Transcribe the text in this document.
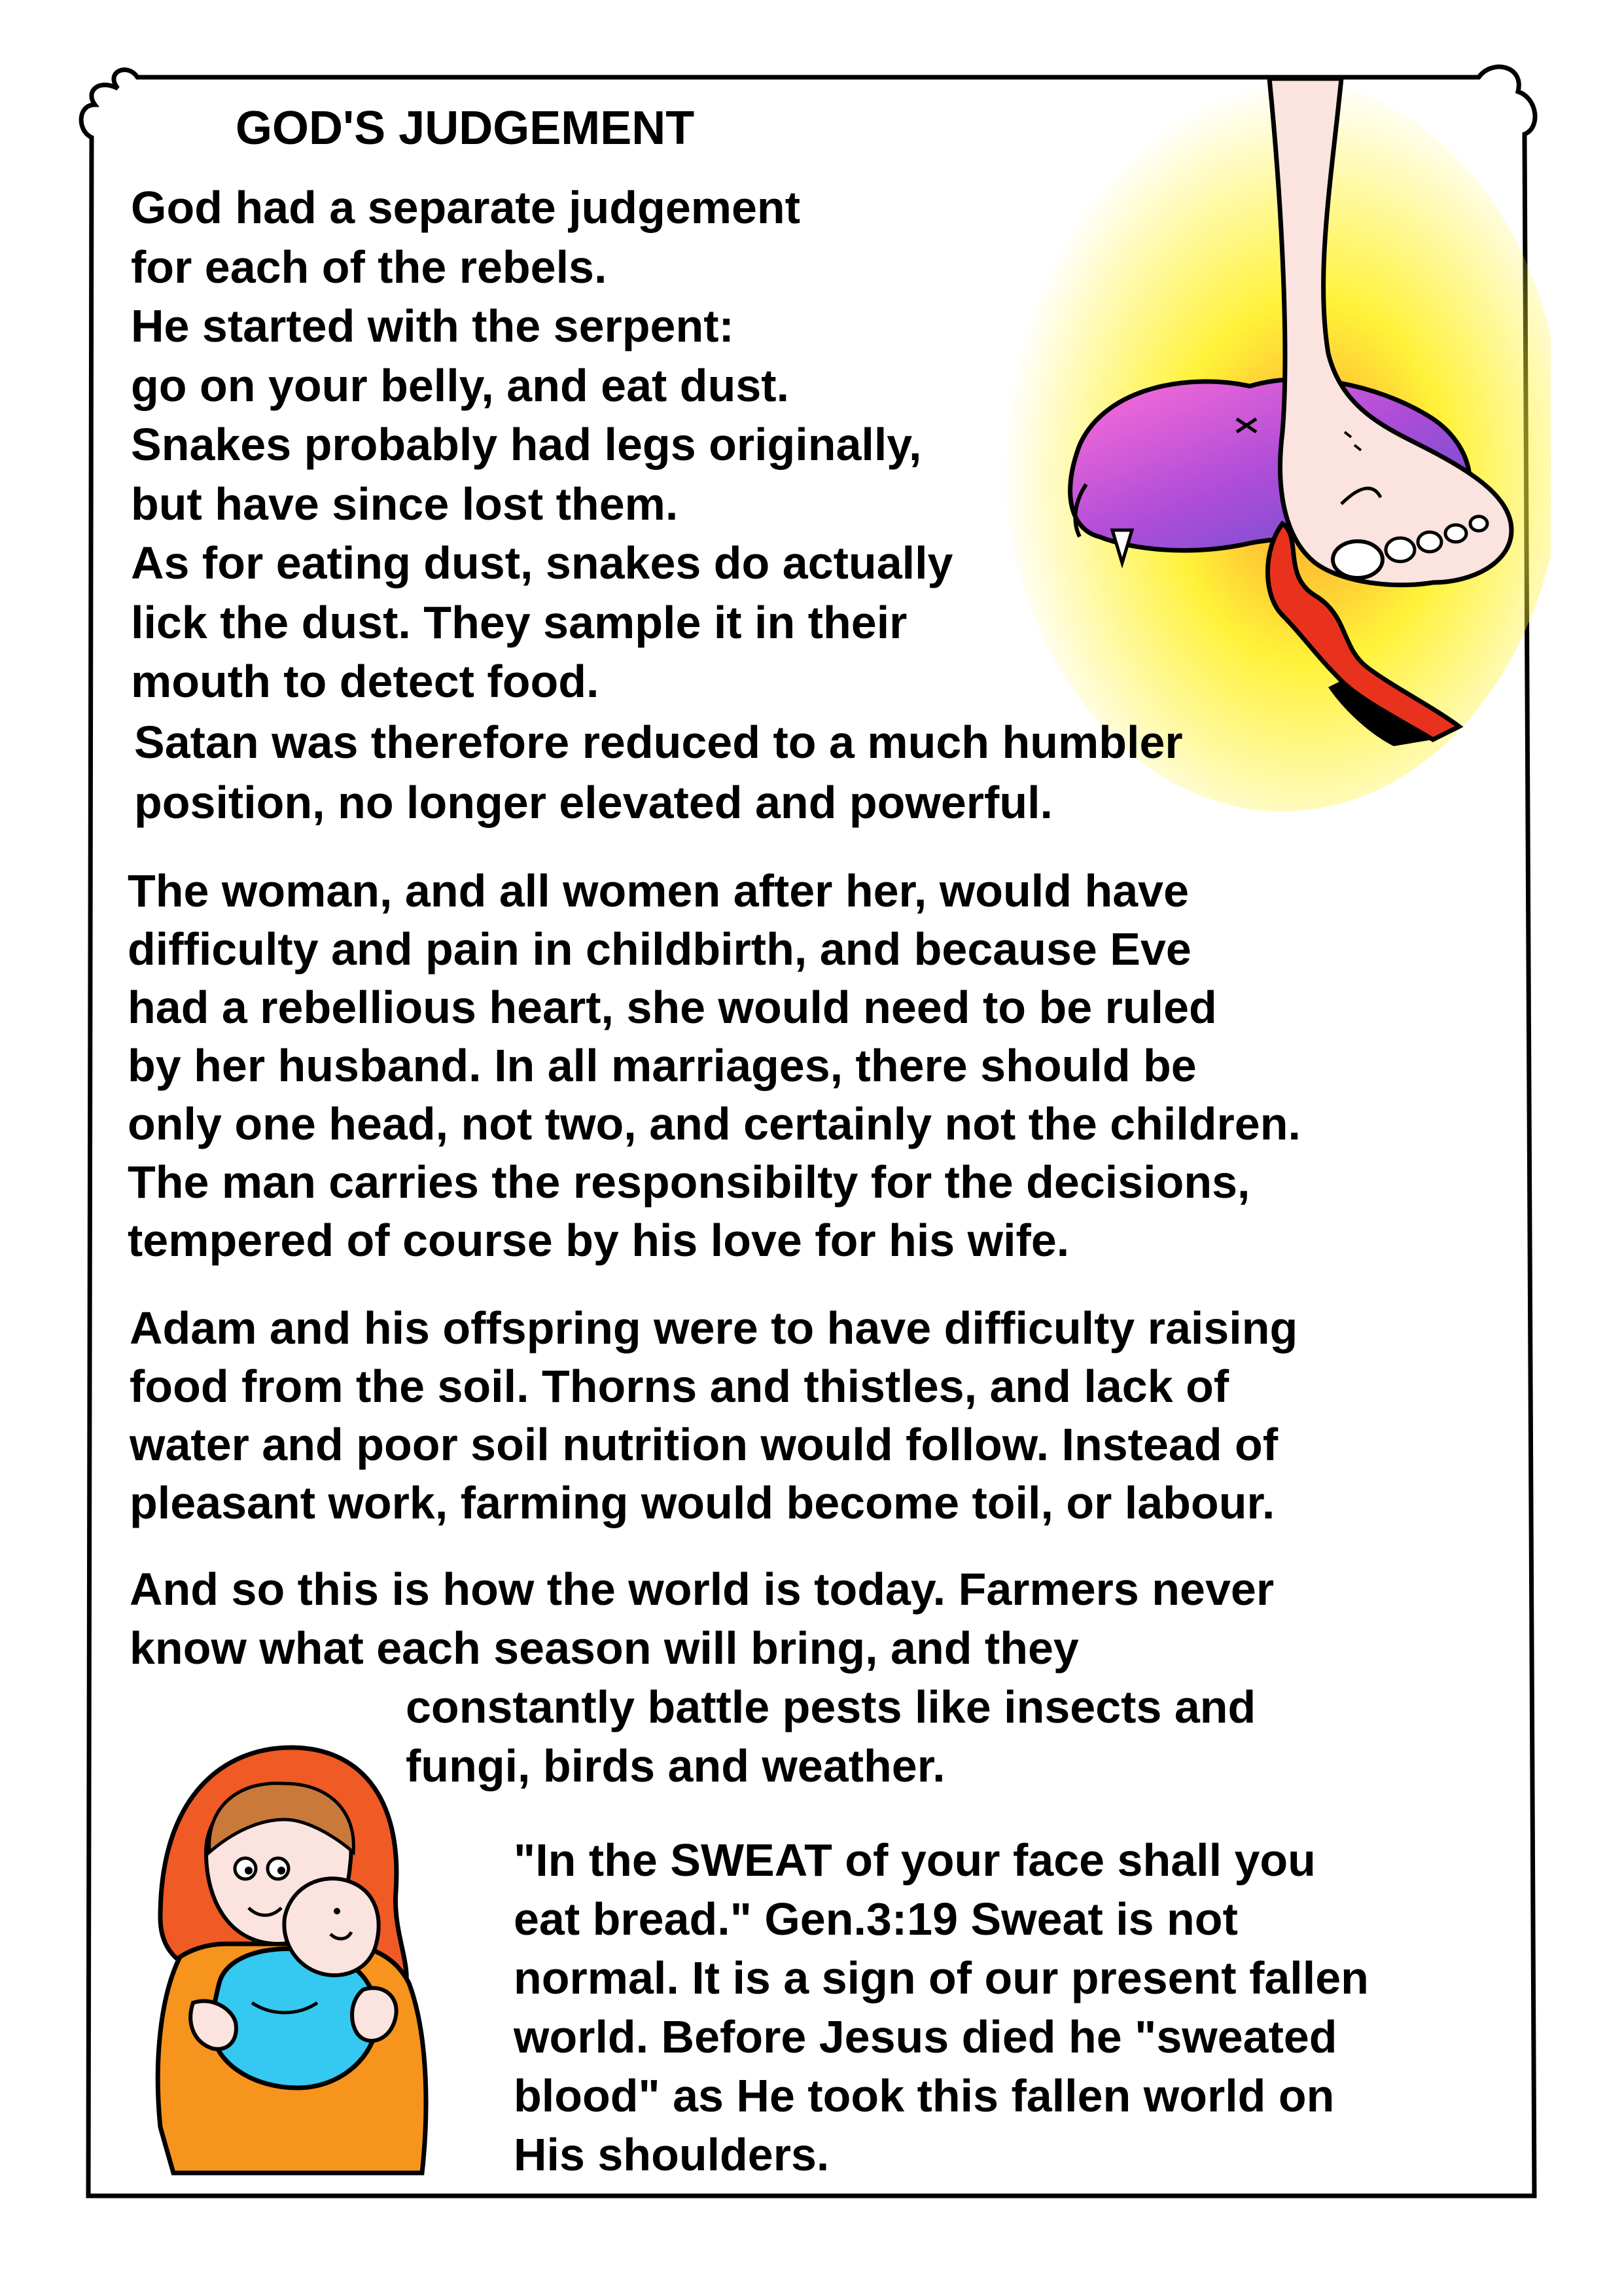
GOD'S JUDGEMENT
God had a separate judgement
for each of the rebels.
He started with the serpent:
go on your belly, and eat dust.
Snakes probably had legs originally,
but have since lost them.
As for eating dust, snakes do actually
lick the dust. They sample it in their
mouth to detect food.
Satan was therefore reduced to a much humbler
position, no longer elevated and powerful.
The woman, and all women after her, would have
difficulty and pain in childbirth, and because Eve
had a rebellious heart, she would need to be ruled
by her husband. In all marriages, there should be
only one head, not two, and certainly not the children.
The man carries the responsibilty for the decisions,
tempered of course by his love for his wife.
Adam and his offspring were to have difficulty raising
food from the soil. Thorns and thistles, and lack of
water and poor soil nutrition would follow. Instead of
pleasant work, farming would become toil, or labour.
And so this is how the world is today. Farmers never
know what each season will bring, and they
constantly battle pests like insects and
fungi, birds and weather.
"In the SWEAT of your face shall you
eat bread." Gen.3:19 Sweat is not
normal. It is a sign of our present fallen
world. Before Jesus died he "sweated
blood" as He took this fallen world on
His shoulders.
